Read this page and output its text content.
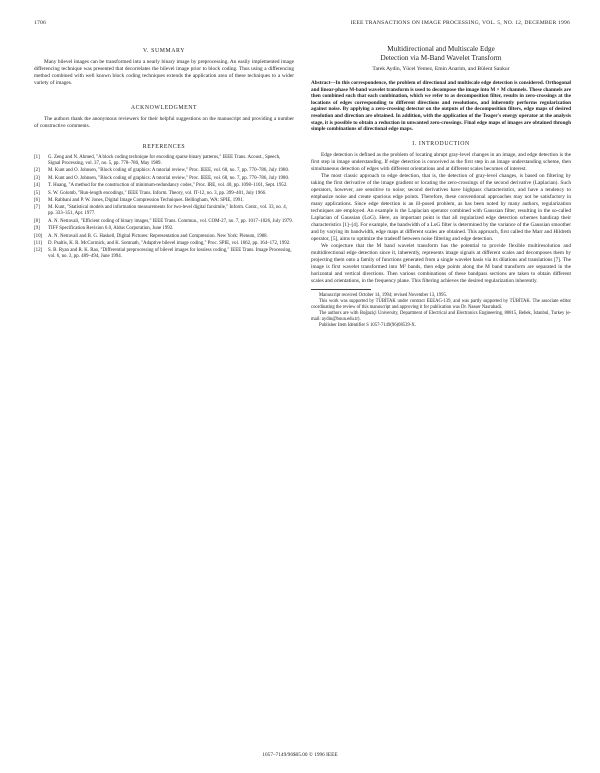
1706	IEEE TRANSACTIONS ON IMAGE PROCESSING, VOL. 5, NO. 12, DECEMBER 1996
V. SUMMARY

Many bilevel images can be transformed into a nearly binary image by preprocessing. An easily implemented image differencing technique was presented that decorrelates the bilevel image prior to block coding. Thus using a differencing method combined with well known block coding techniques extends the application area of these techniques to a wider variety of images.

ACKNOWLEDGMENT

The authors thank the anonymous reviewers for their helpful suggestions on the manuscript and providing a number of constructive comments.

REFERENCES
[1] G. Zeng and N. Ahmed, "A block coding technique for encoding sparse binary patterns," IEEE Trans. Acoust., Speech, Signal Processing, vol. 37, no. 5, pp. 778–780, May 1989.
[2] M. Kunt and O. Johnsen, "Block coding of graphics: A tutorial review," Proc. IEEE, vol. 68, no. 7, pp. 770–786, July 1980.
[3] M. Kunt and O. Johnsen, "Block coding of graphics: A tutorial review," Proc. IEEE, vol. 68, no. 7, pp. 770–786, July 1980.
[4] T. Huang, "A method for the construction of minimum-redundancy codes," Proc. IRE, vol. 40, pp. 1098–1101, Sept. 1952.
[5] S. W. Golomb, "Run-length encodings," IEEE Trans. Inform. Theory, vol. IT-12, no. 3, pp. 399–401, July 1966.
[6] M. Rabbani and P. W. Jones, Digital Image Compression Techniques. Bellingham, WA: SPIE, 1991.
[7] M. Kunt, "Statistical models and information measurements for two-level digital facsimile," Inform. Contr., vol. 33, no. 4, pp. 333–351, Apr. 1977.
[8] A. N. Netravali, "Efficient coding of binary images," IEEE Trans. Commun., vol. COM-27, no. 7, pp. 1017–1026, July 1979.
[9] TIFF Specification Revision 6.0, Aldus Corporation, June 1992.
[10] A. N. Netravali and B. G. Haskell, Digital Pictures: Representation and Compression. New York: Plenum, 1988.
[11] D. Psaltis, K. R. McCormick, and K. Somnath, "Adaptive bilevel image coding," Proc. SPIE, vol. 1662, pp. 164–172, 1992.
[12] S. B. Ryan and R. K. Rao, "Differential preprocessing of bilevel images for lossless coding," IEEE Trans. Image Processing, vol. 6, no. 3, pp. 489–494, June 1994.
Multidirectional and Multiscale Edge
Detection via M-Band Wavelet Transform
Tarek Aydin, Yücel Yemez, Emin Anarim, and Bülent Sankur
Abstract—In this correspondence, the problem of directional and multiscale edge detection is considered. Orthogonal and linear-phase M-band wavelet transform is used to decompose the image into M × M channels. These channels are then combined such that each combination, which we refer to as decomposition filter, results in zero-crossings at the locations of edges corresponding to different directions and resolutions, and inherently performs regularization against noise. By applying a zero-crossing detector on the outputs of the decomposition filters, edge maps of desired resolution and direction are obtained. In addition, with the application of the Teager's energy operator at the analysis stage, it is possible to obtain a reduction in unwanted zero-crossings. Final edge maps of images are obtained through simple combinations of directional edge maps.
I. INTRODUCTION

Edge detection is defined as the problem of locating abrupt gray-level changes in an image, and edge detection is the first step in image understanding. If edge detection is conceived as the first step in an image understanding scheme, then simultaneous detection of edges with different orientations and at different scales becomes of interest.

The most classic approach to edge detection, that is, the detection of gray-level changes, is based on filtering by taking the first derivative of the image gradient or locating the zero-crossings of the second derivative (Laplacian). Such operators, however, are sensitive to noise; second derivatives have highpass characteristics, and have a tendency to emphasize noise and create spurious edge points. Therefore, these conventional approaches may not be satisfactory in many applications. Since edge detection is an ill-posed problem, as has been noted by many authors, regularization techniques are employed. An example is the Laplacian operator combined with Gaussian filter, resulting in the so-called Laplacian of Gaussian (LoG). Here, an important point is that all regularized edge detection schemes handicap their characteristics [1]–[4]. For example, the bandwidth of a LoG filter is determined by the variance of the Gaussian smoother and by varying its bandwidth, edge maps at different scales are obtained. This approach, first called the Marr and Hildreth operator, [5], aims to optimize the tradeoff between noise filtering and edge detection.

We conjecture that the M band wavelet transform has the potential to provide flexible multiresolution and multidirectional edge detection since it, inherently, represents image signals at different scales and decomposes them by projecting them onto a family of functions generated from a single wavelet basis via its dilations and translations [7]. The image is first wavelet transformed into M² bands, then edge points along the M band transform are separated in the horizontal and vertical directions. Then various combinations of these bandpass sections are taken to obtain different scales and orientations, in the frequency plane. This filtering achieves the desired regularization inherently.

Manuscript received October 14, 1994; revised November 13, 1995.

This work was supported by TÜBİTAK under contract EEEAG-139, and was partly supported by TÜBİTAK. The associate editor coordinating the review of this manuscript and approving it for publication was Dr. Nasser Nasrabadi.

The authors are with Boğaziçi University, Department of Electrical and Electronics Engineering, 80815, Bebek, İstanbul, Turkey (e-mail: aydin@boun.edu.tr).

Publisher Item Identifier S 1057-7149(96)08539-X.

1057–7149/96$05.00 © 1996 IEEE
